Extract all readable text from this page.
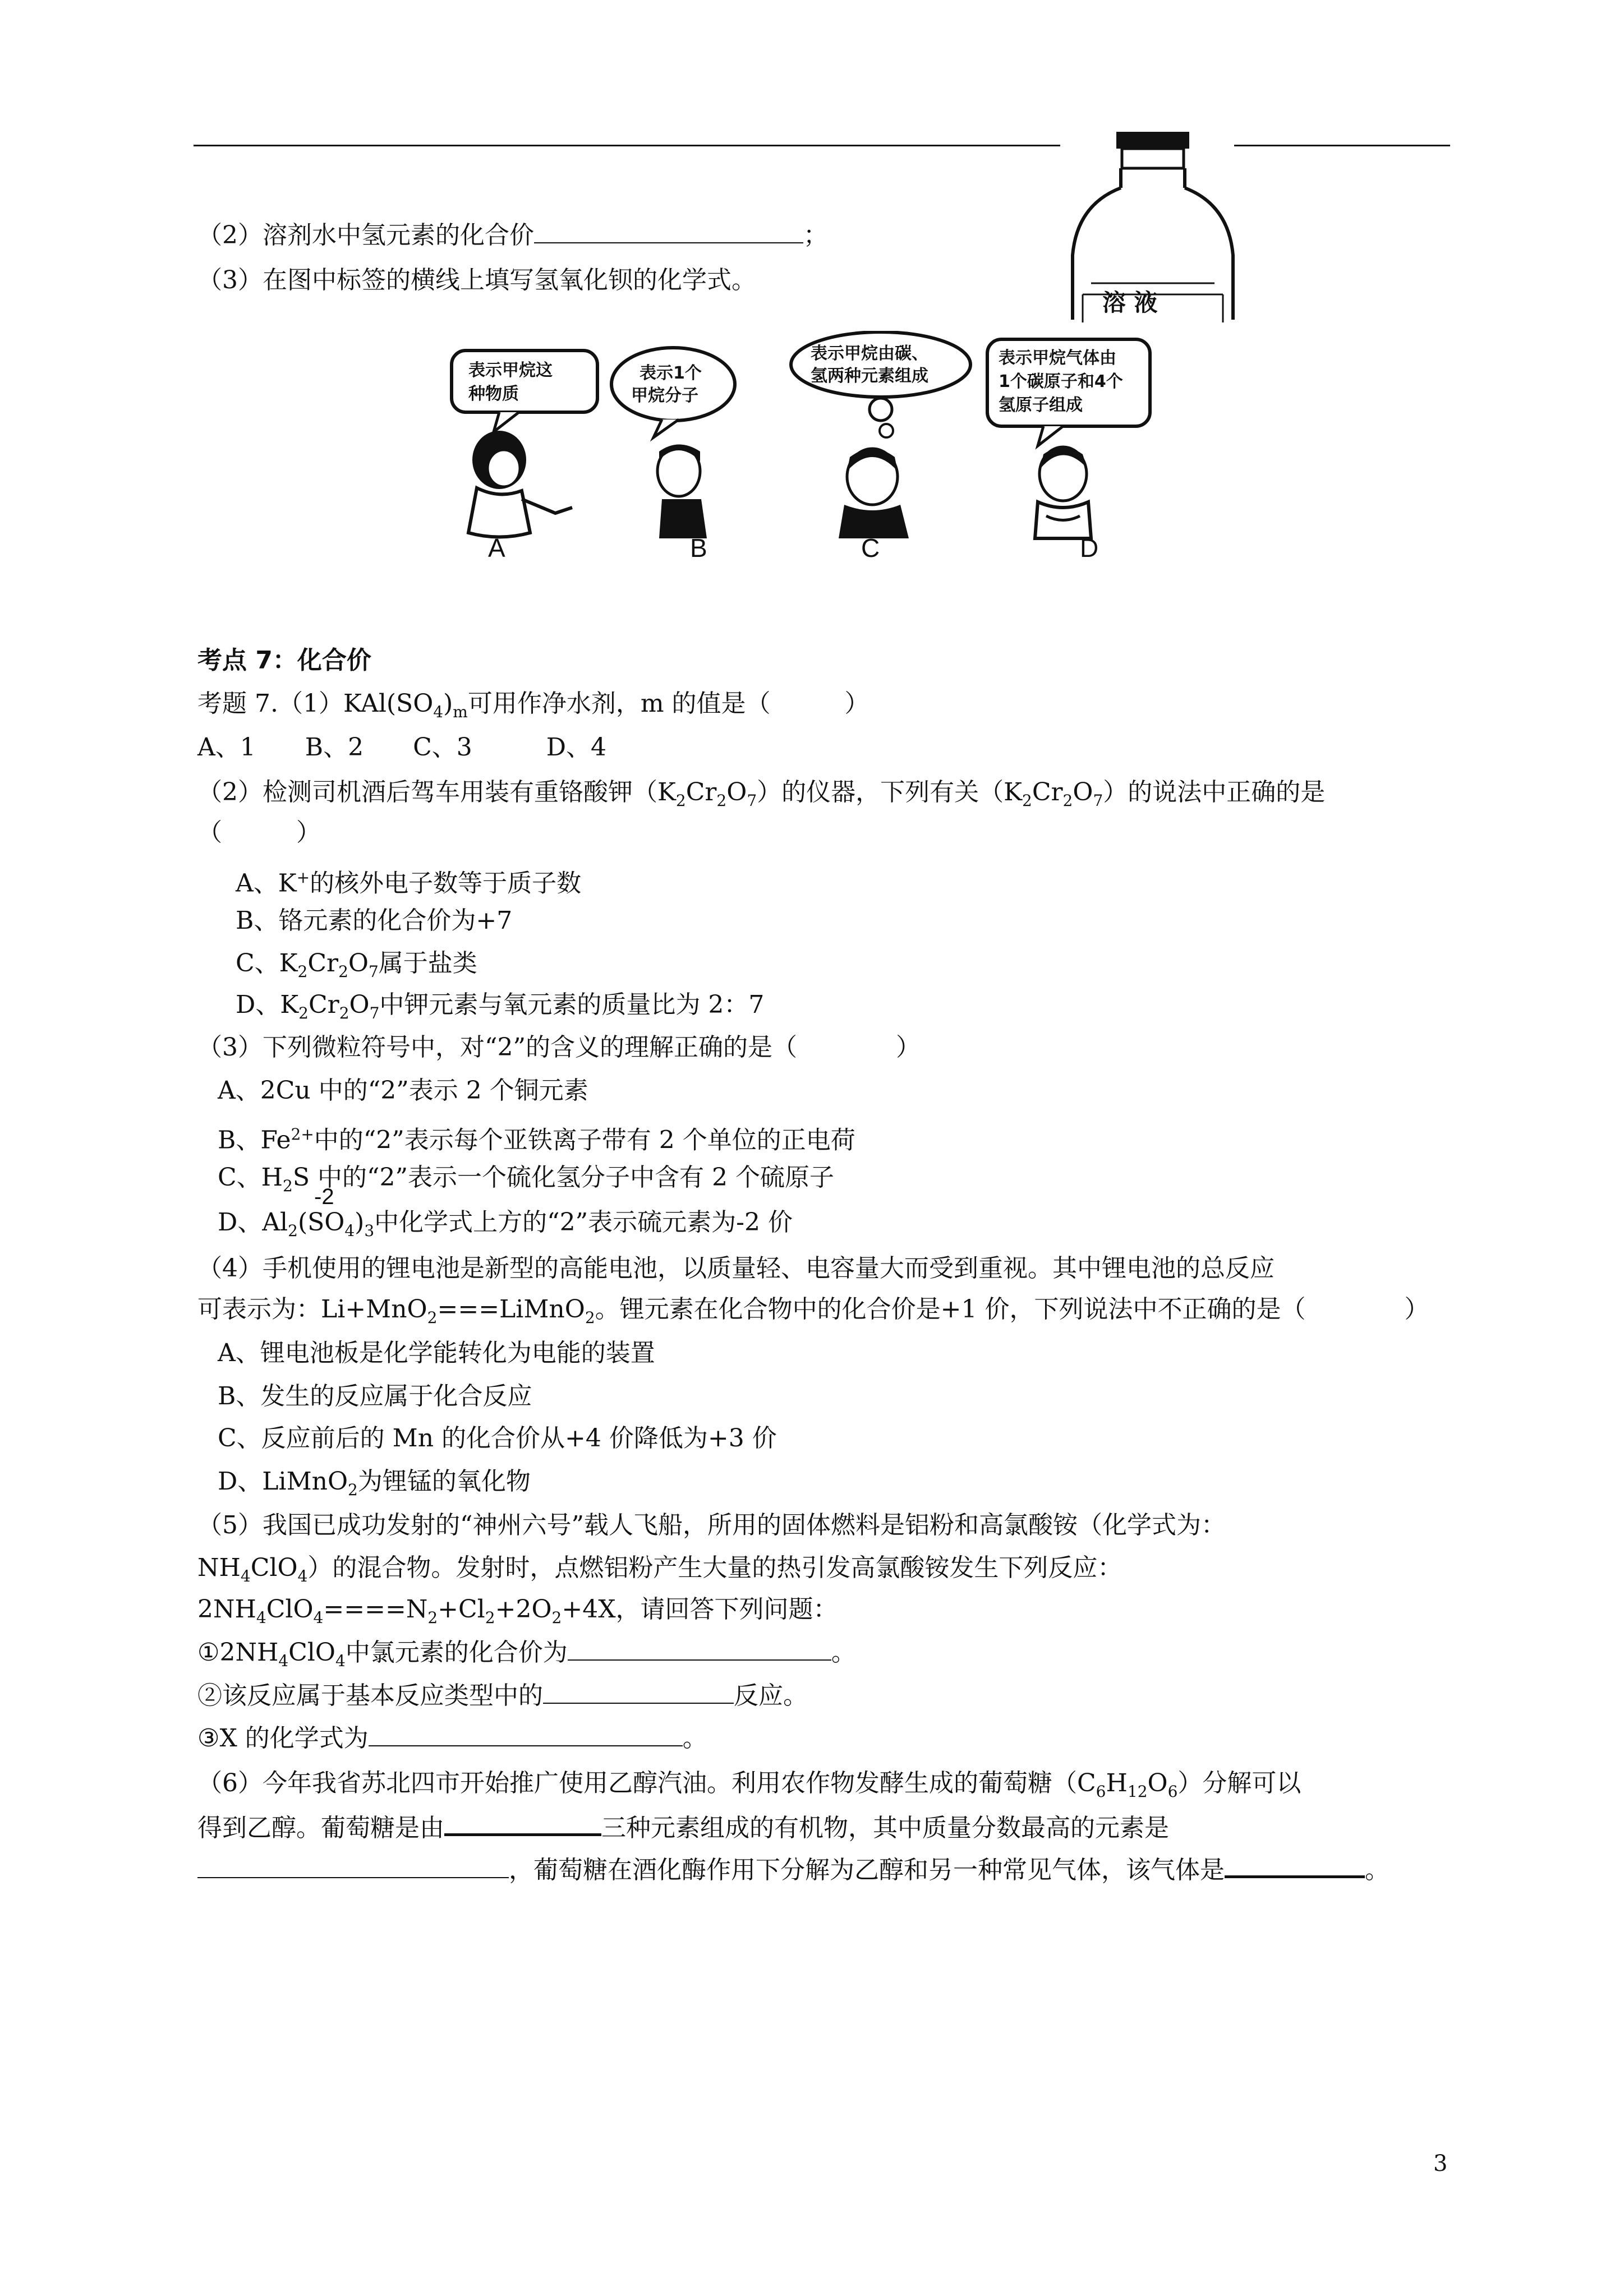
溶 液
（2）溶剂水中氢元素的化合价	；
（3）在图中标签的横线上填写氢氧化钡的化学式。
表示甲烷这
种物质
表示1个
甲烷分子
表示甲烷由碳、
氢两种元素组成
表示甲烷气体由
1个碳原子和4个
氢原子组成
A	B	C	D
考点 7：化合价
考题 $7.(1)KAl(SO_4)_m$可用作净水剂，m 的值是（　　　）
A、1　　B、2　　C、3　　　D、4
（2）检测司机酒后驾车用装有重铬酸钾$(K_2Cr_2O_7)$的仪器，下列有关$(K_2Cr_2O_7)$的说法中正确的是
（　　　）
A、K+的核外电子数等于质子数
B、铬元素的化合价为+7
C、$K_2Cr_2O_7$属于盐类
D、$K_2Cr_2O_7$中钾元素与氧元素的质量比为 2：7
（3）下列微粒符号中，对“2”的含义的理解正确的是（　　　　）
A、2Cu 中的“2”表示 2 个铜元素
B、$Fe^{2+}$中的“2”表示每个亚铁离子带有 2 个单位的正电荷
C、$H_2S$ 中的“2”表示一个硫化氢分子中含有 2 个硫原子
-2
D、$Al_2(SO_4)_3$中化学式上方的“2”表示硫元素为-2 价
（4）手机使用的锂电池是新型的高能电池，以质量轻、电容量大而受到重视。其中锂电池的总反应
可表示为：Li+MnO$_2$===LiMnO$_2$。锂元素在化合物中的化合价是+1 价，下列说法中不正确的是（　　　　）
A、锂电池板是化学能转化为电能的装置
B、发生的反应属于化合反应
C、反应前后的 Mn 的化合价从+4 价降低为+3 价
D、LiMnO$_2$为锂锰的氧化物
（5）我国已成功发射的“神州六号”载人飞船，所用的固体燃料是铝粉和高氯酸铵（化学式为：
$NH_4ClO_4$）的混合物。发射时，点燃铝粉产生大量的热引发高氯酸铵发生下列反应：
$2NH_4ClO_4====N_2+Cl_2+2O_2+4X$，请回答下列问题：
$①2NH_4ClO_4$中氯元素的化合价为	。
②该反应属于基本反应类型中的	反应。
③X 的化学式为	。
（6）今年我省苏北四市开始推广使用乙醇汽油。利用农作物发酵生成的葡萄糖$(C_6H_{12}O_6)$分解可以
得到乙醇。葡萄糖是由	三种元素组成的有机物，其中质量分数最高的元素是
，葡萄糖在酒化酶作用下分解为乙醇和另一种常见气体，该气体是	。
3
